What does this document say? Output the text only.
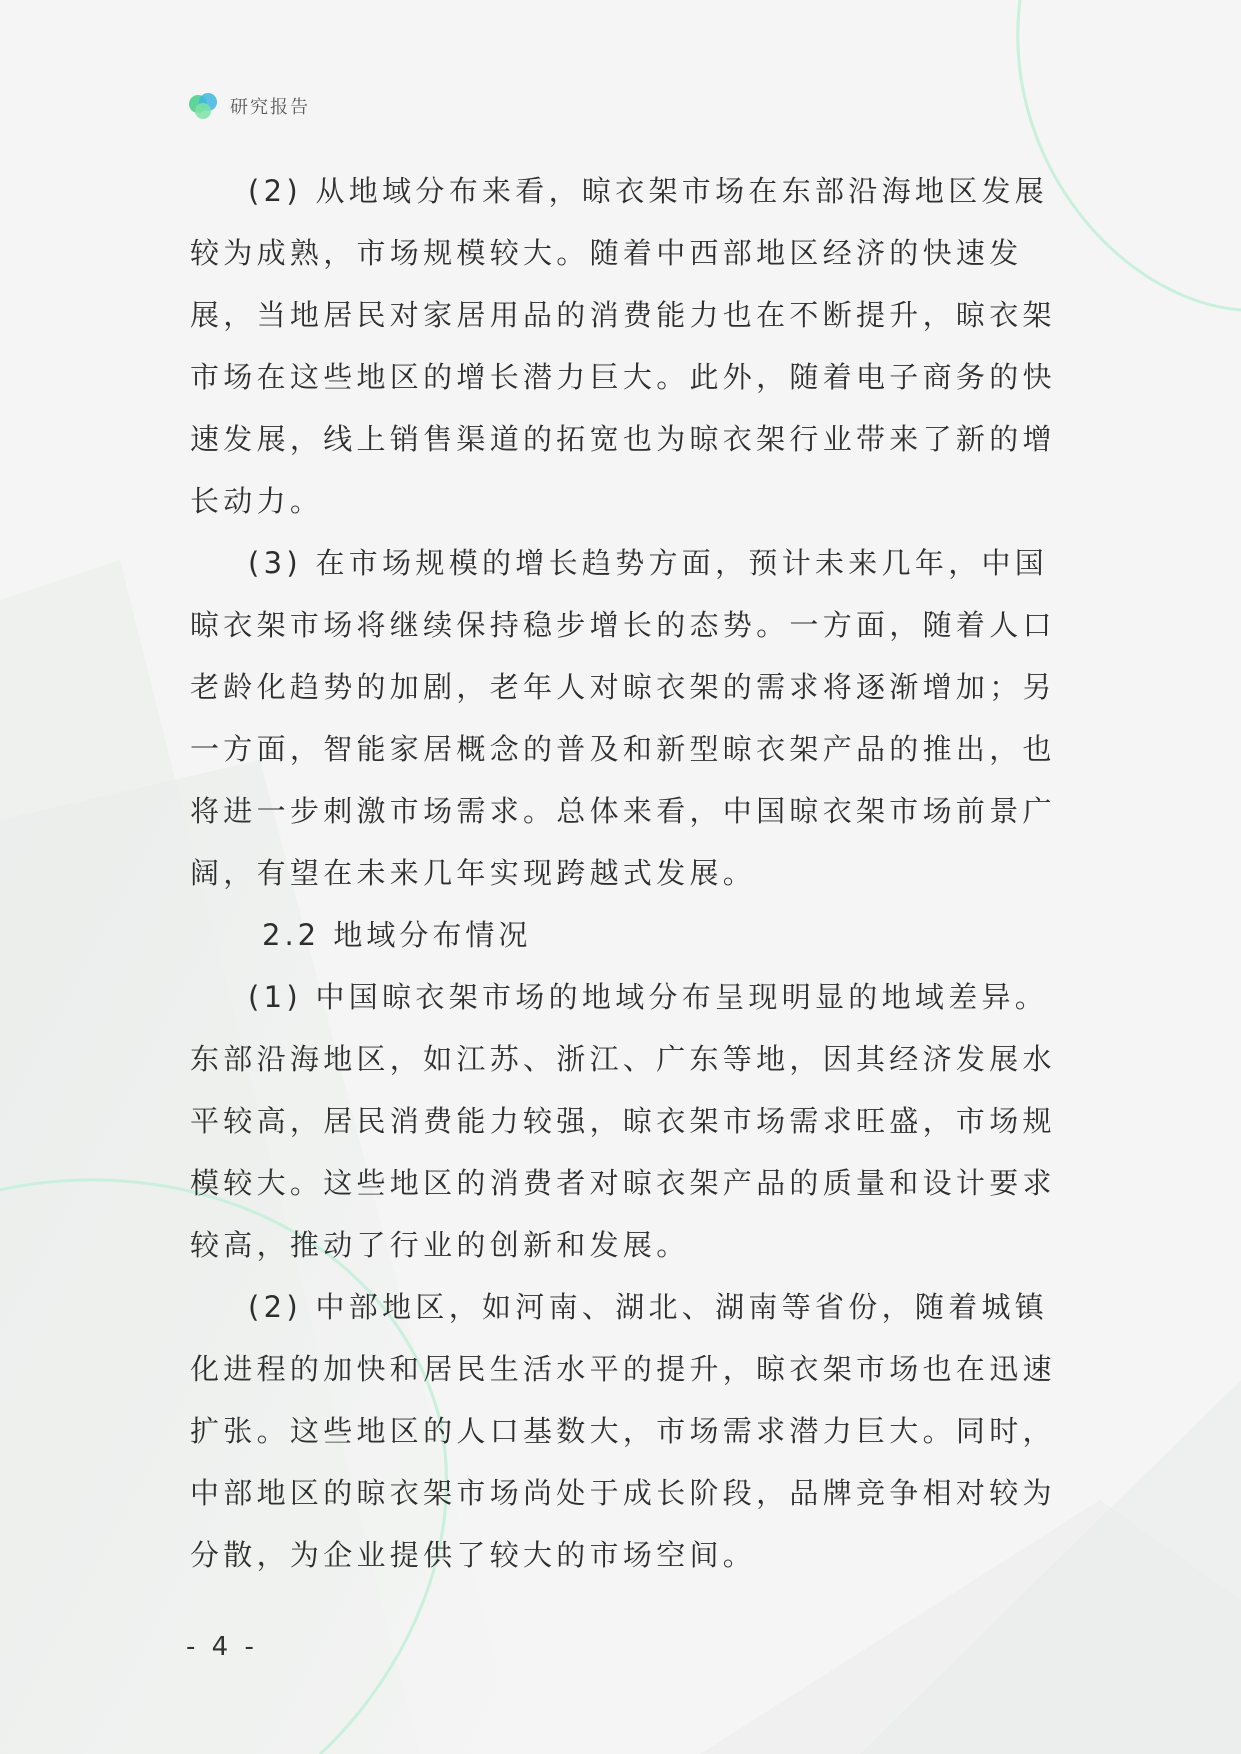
研究报告

(2) 从地域分布来看，晾衣架市场在东部沿海地区发展较为成熟，市场规模较大。随着中西部地区经济的快速发展，当地居民对家居用品的消费能力也在不断提升，晾衣架市场在这些地区的增长潜力巨大。此外，随着电子商务的快速发展，线上销售渠道的拓宽也为晾衣架行业带来了新的增长动力。

(3) 在市场规模的增长趋势方面，预计未来几年，中国晾衣架市场将继续保持稳步增长的态势。一方面，随着人口老龄化趋势的加剧，老年人对晾衣架的需求将逐渐增加；另一方面，智能家居概念的普及和新型晾衣架产品的推出，也将进一步刺激市场需求。总体来看，中国晾衣架市场前景广阔，有望在未来几年实现跨越式发展。

2.2 地域分布情况

(1) 中国晾衣架市场的地域分布呈现明显的地域差异。东部沿海地区，如江苏、浙江、广东等地，因其经济发展水平较高，居民消费能力较强，晾衣架市场需求旺盛，市场规模较大。这些地区的消费者对晾衣架产品的质量和设计要求较高，推动了行业的创新和发展。

(2) 中部地区，如河南、湖北、湖南等省份，随着城镇化进程的加快和居民生活水平的提升，晾衣架市场也在迅速扩张。这些地区的人口基数大，市场需求潜力巨大。同时，中部地区的晾衣架市场尚处于成长阶段，品牌竞争相对较为分散，为企业提供了较大的市场空间。

- 4 -
